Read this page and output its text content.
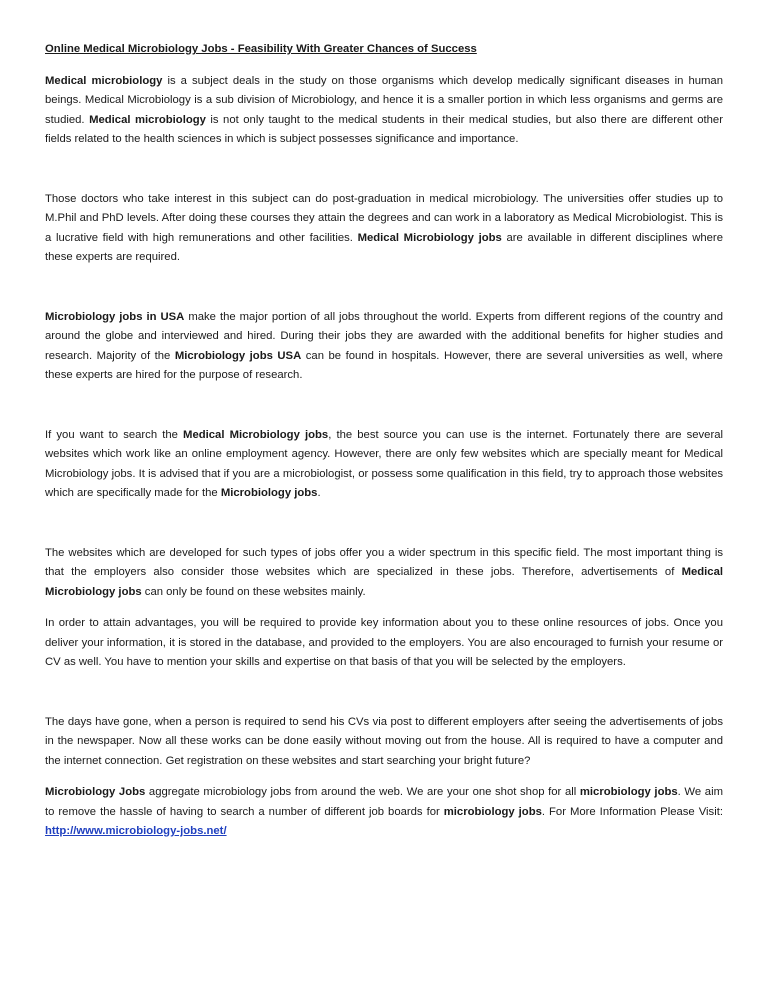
Online Medical Microbiology Jobs - Feasibility With Greater Chances of Success

Medical microbiology is a subject deals in the study on those organisms which develop medically significant diseases in human beings. Medical Microbiology is a sub division of Microbiology, and hence it is a smaller portion in which less organisms and germs are studied. Medical microbiology is not only taught to the medical students in their medical studies, but also there are different other fields related to the health sciences in which is subject possesses significance and importance.

Those doctors who take interest in this subject can do post-graduation in medical microbiology. The universities offer studies up to M.Phil and PhD levels. After doing these courses they attain the degrees and can work in a laboratory as Medical Microbiologist. This is a lucrative field with high remunerations and other facilities. Medical Microbiology jobs are available in different disciplines where these experts are required.

Microbiology jobs in USA make the major portion of all jobs throughout the world. Experts from different regions of the country and around the globe and interviewed and hired. During their jobs they are awarded with the additional benefits for higher studies and research. Majority of the Microbiology jobs USA can be found in hospitals. However, there are several universities as well, where these experts are hired for the purpose of research.

If you want to search the Medical Microbiology jobs, the best source you can use is the internet. Fortunately there are several websites which work like an online employment agency. However, there are only few websites which are specially meant for Medical Microbiology jobs. It is advised that if you are a microbiologist, or possess some qualification in this field, try to approach those websites which are specifically made for the Microbiology jobs.

The websites which are developed for such types of jobs offer you a wider spectrum in this specific field. The most important thing is that the employers also consider those websites which are specialized in these jobs. Therefore, advertisements of Medical Microbiology jobs can only be found on these websites mainly.

In order to attain advantages, you will be required to provide key information about you to these online resources of jobs. Once you deliver your information, it is stored in the database, and provided to the employers. You are also encouraged to furnish your resume or CV as well. You have to mention your skills and expertise on that basis of that you will be selected by the employers.

The days have gone, when a person is required to send his CVs via post to different employers after seeing the advertisements of jobs in the newspaper. Now all these works can be done easily without moving out from the house. All is required to have a computer and the internet connection. Get registration on these websites and start searching your bright future?

Microbiology Jobs aggregate microbiology jobs from around the web. We are your one shot shop for all microbiology jobs. We aim to remove the hassle of having to search a number of different job boards for microbiology jobs. For More Information Please Visit: http://www.microbiology-jobs.net/
